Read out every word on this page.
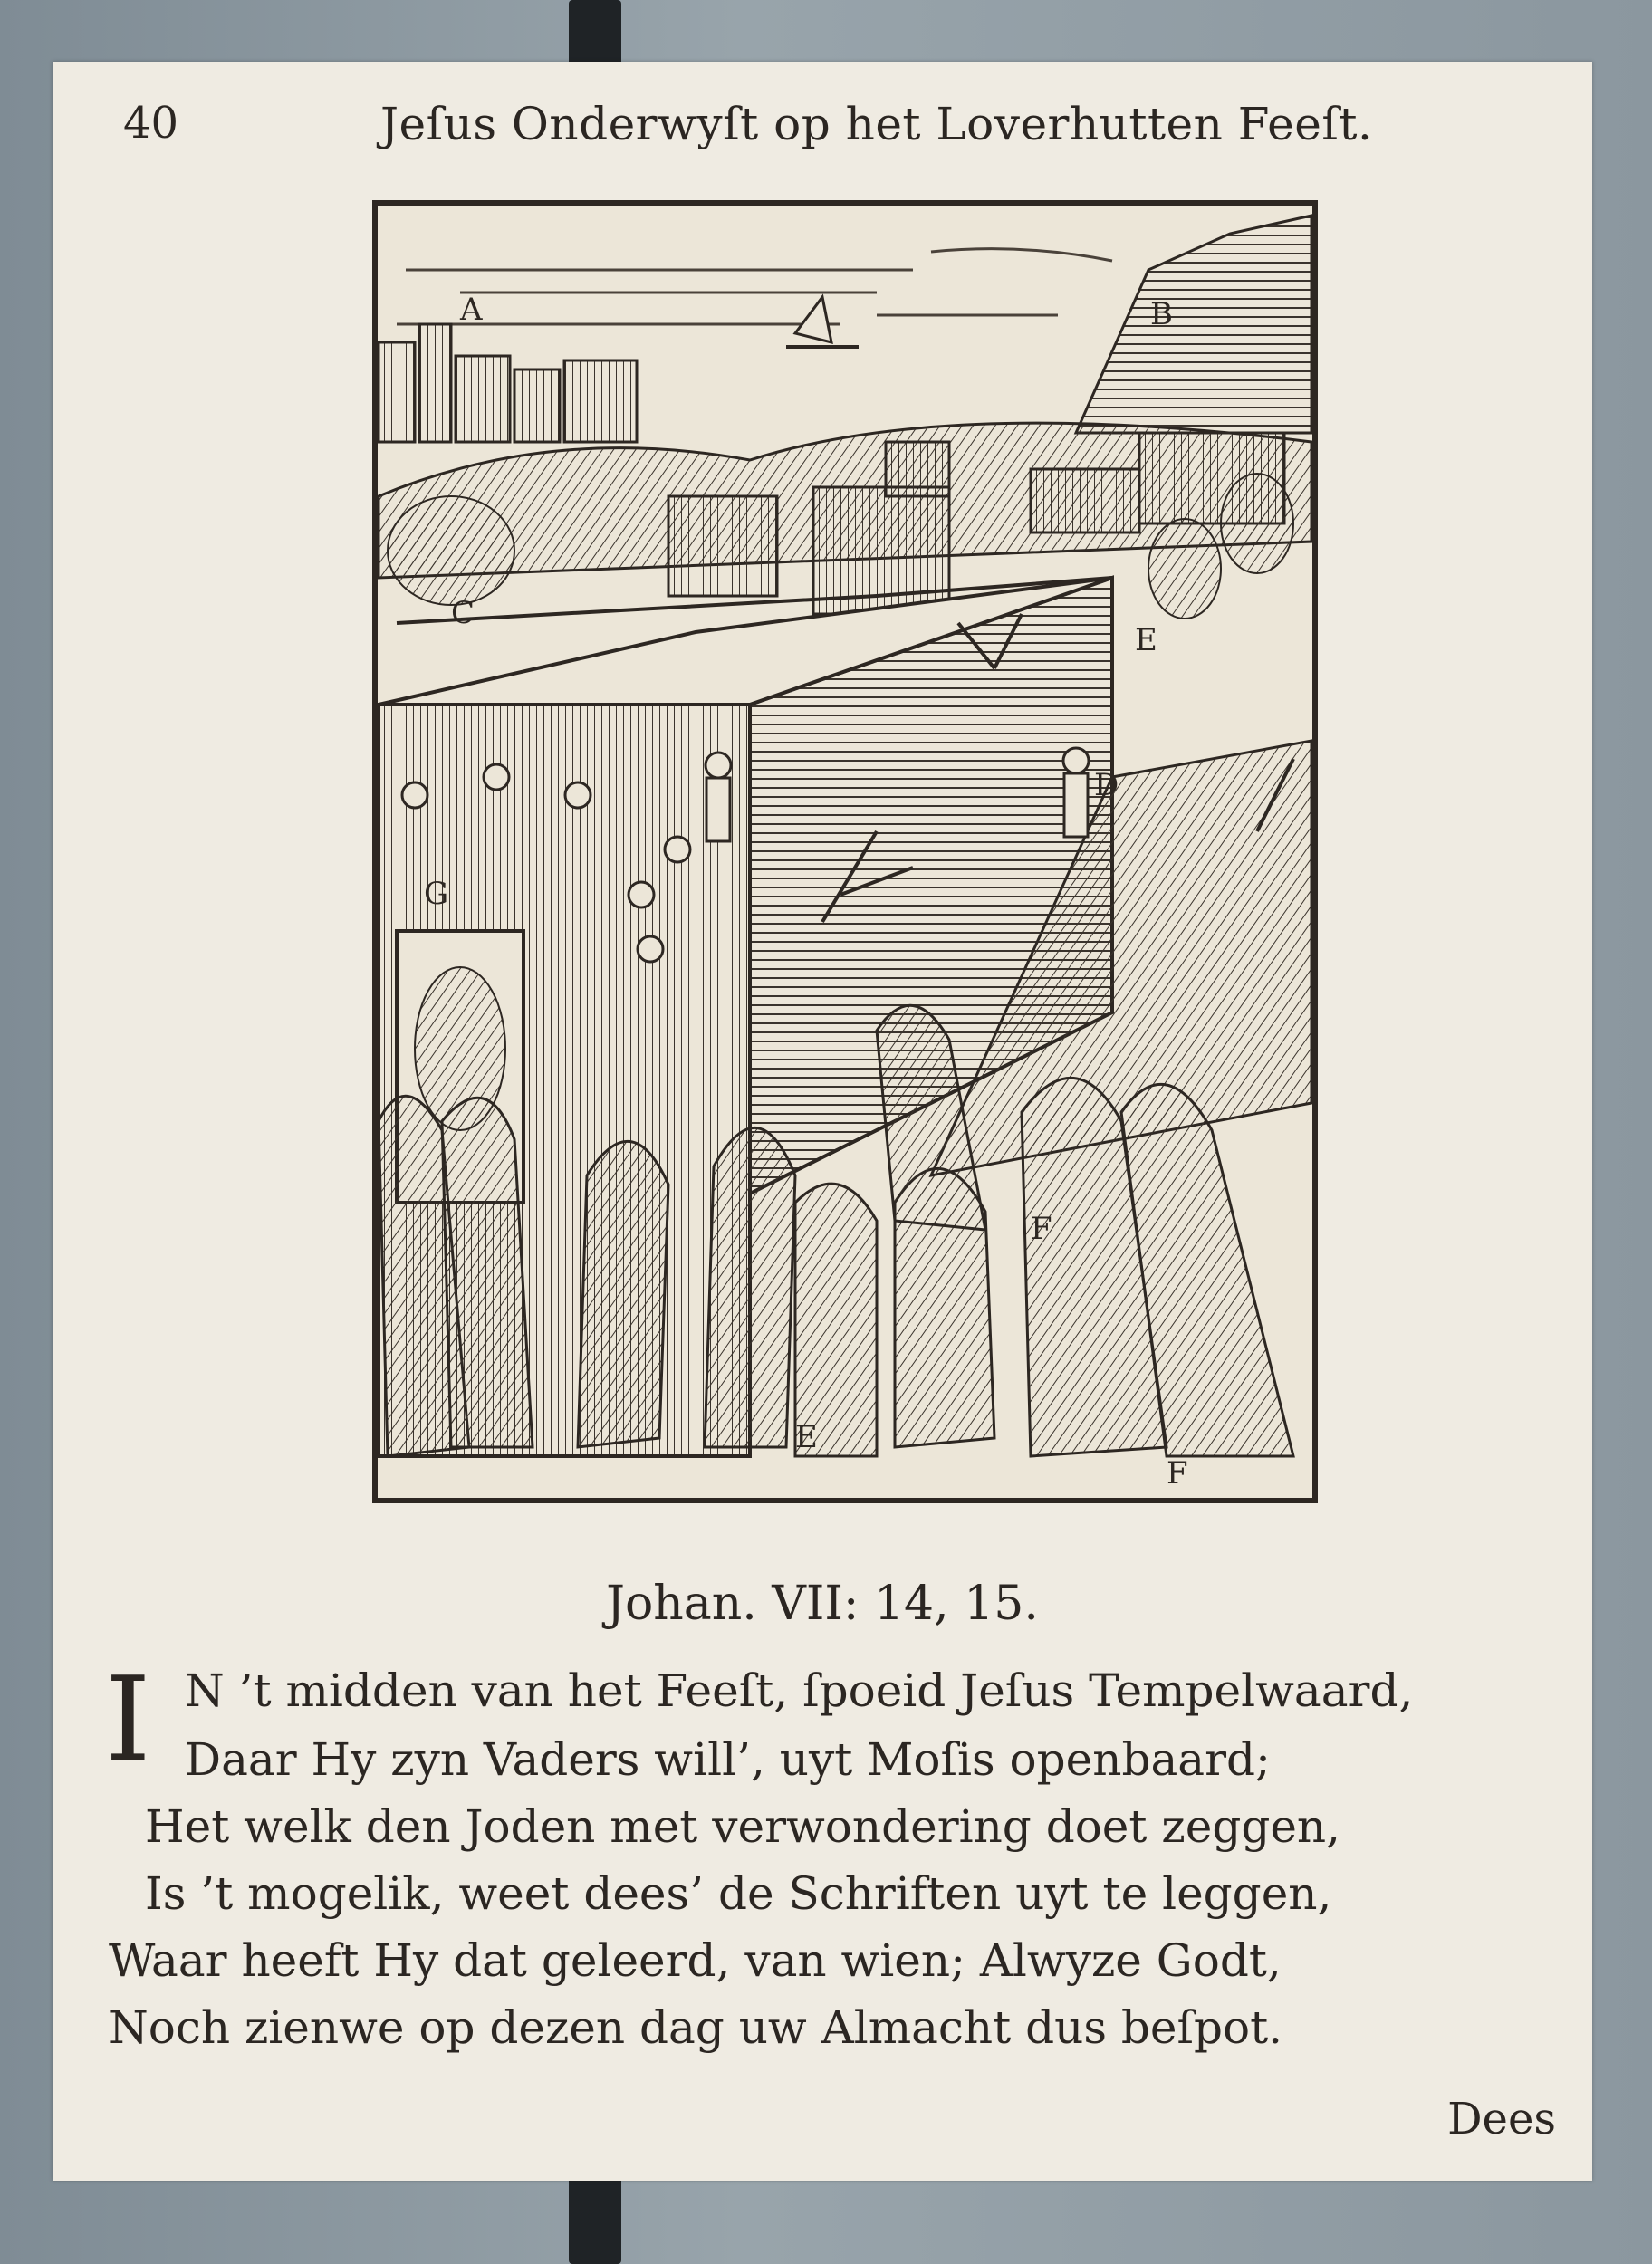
40	Jeſus Onderwyſt op het Loverhutten Feeſt.
A	B
C
D
E
E
F
F
G
Johan. VII: 14, 15.
I N ’t midden van het Feeſt, ſpoeid Jeſus Tempelwaard,
Daar Hy zyn Vaders will’, uyt Moſis openbaard;
Het welk den Joden met verwondering doet zeggen,
Is ’t mogelik, weet dees’ de Schriften uyt te leggen,
Waar heeft Hy dat geleerd, van wien; Alwyze Godt,
Noch zienwe op dezen dag uw Almacht dus beſpot.
Dees
